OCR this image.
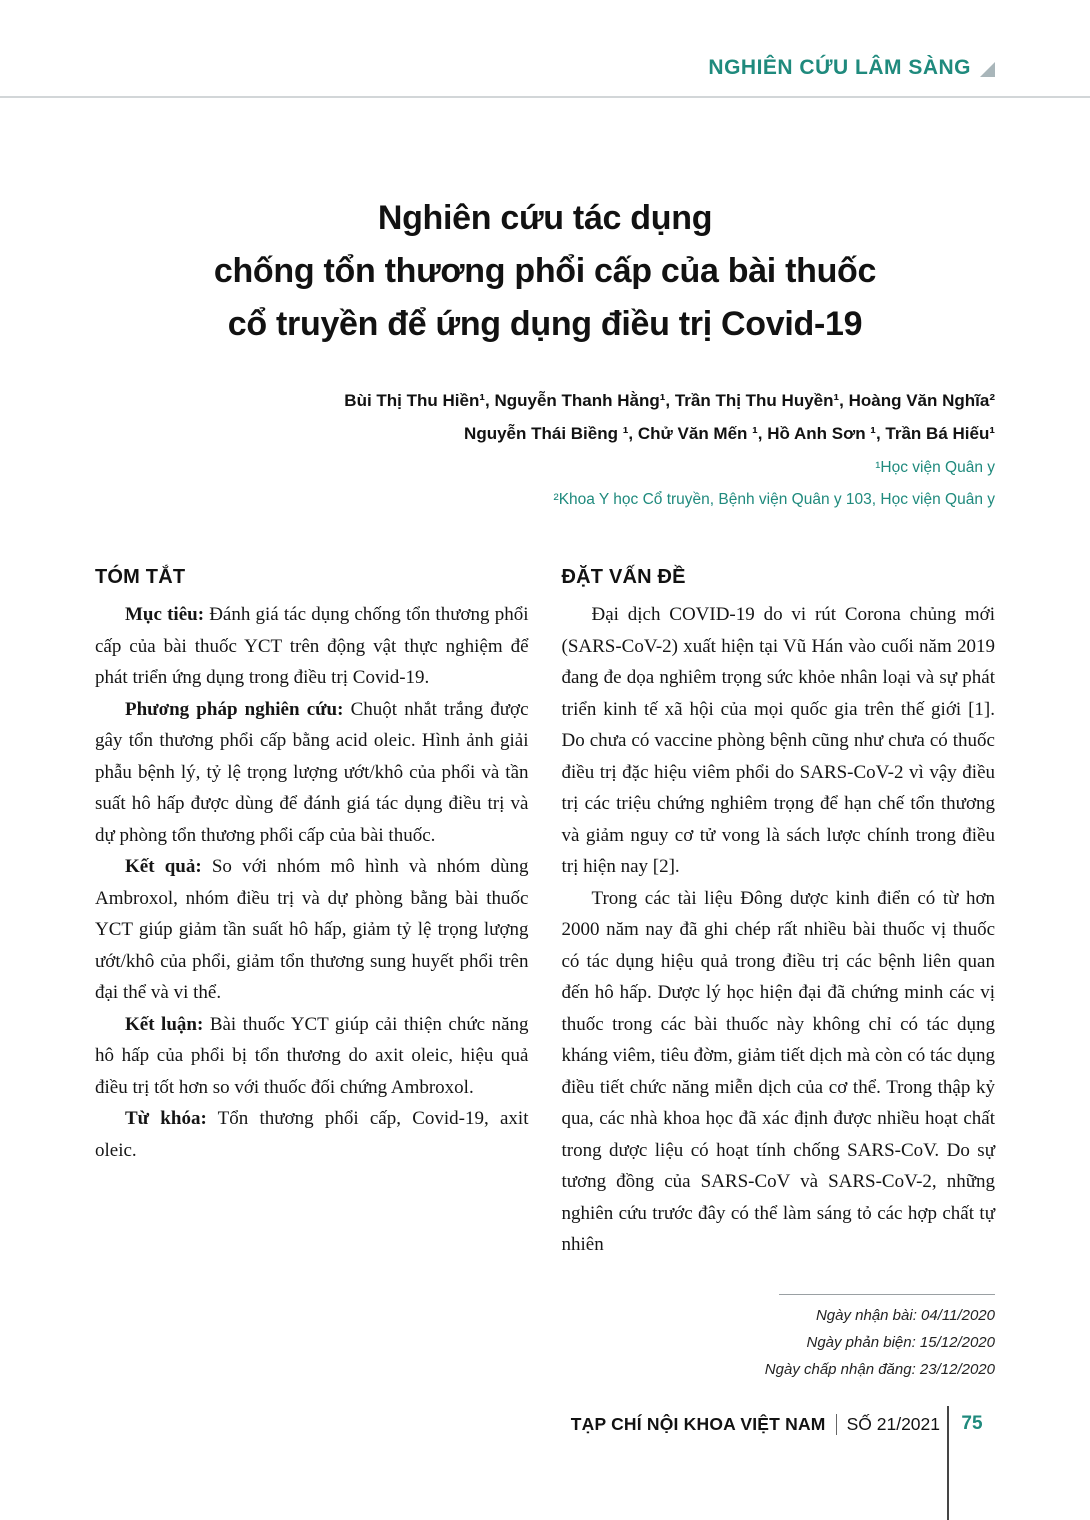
NGHIÊN CỨU LÂM SÀNG
Nghiên cứu tác dụng
chống tổn thương phổi cấp của bài thuốc
cổ truyền để ứng dụng điều trị Covid-19
Bùi Thị Thu Hiền¹, Nguyễn Thanh Hằng¹, Trần Thị Thu Huyền¹, Hoàng Văn Nghĩa²
Nguyễn Thái Biềng ¹, Chử Văn Mến ¹, Hồ Anh Sơn ¹, Trần Bá Hiếu¹
¹Học viện Quân y
²Khoa Y học Cổ truyền, Bệnh viện Quân y 103, Học viện Quân y
TÓM TẮT

Mục tiêu: Đánh giá tác dụng chống tổn thương phổi cấp của bài thuốc YCT trên động vật thực nghiệm để phát triển ứng dụng trong điều trị Covid-19.

Phương pháp nghiên cứu: Chuột nhắt trắng được gây tổn thương phổi cấp bằng acid oleic. Hình ảnh giải phẫu bệnh lý, tỷ lệ trọng lượng ướt/khô của phổi và tần suất hô hấp được dùng để đánh giá tác dụng điều trị và dự phòng tổn thương phổi cấp của bài thuốc.

Kết quả: So với nhóm mô hình và nhóm dùng Ambroxol, nhóm điều trị và dự phòng bằng bài thuốc YCT giúp giảm tần suất hô hấp, giảm tỷ lệ trọng lượng ướt/khô của phổi, giảm tổn thương sung huyết phổi trên đại thể và vi thể.

Kết luận: Bài thuốc YCT giúp cải thiện chức năng hô hấp của phổi bị tổn thương do axit oleic, hiệu quả điều trị tốt hơn so với thuốc đối chứng Ambroxol.

Từ khóa: Tổn thương phổi cấp, Covid-19, axit oleic.

ĐẶT VẤN ĐỀ

Đại dịch COVID-19 do vi rút Corona chủng mới (SARS-CoV-2) xuất hiện tại Vũ Hán vào cuối năm 2019 đang đe dọa nghiêm trọng sức khỏe nhân loại và sự phát triển kinh tế xã hội của mọi quốc gia trên thế giới [1]. Do chưa có vaccine phòng bệnh cũng như chưa có thuốc điều trị đặc hiệu viêm phổi do SARS-CoV-2 vì vậy điều trị các triệu chứng nghiêm trọng để hạn chế tổn thương và giảm nguy cơ tử vong là sách lược chính trong điều trị hiện nay [2].

Trong các tài liệu Đông dược kinh điển có từ hơn 2000 năm nay đã ghi chép rất nhiều bài thuốc vị thuốc có tác dụng hiệu quả trong điều trị các bệnh liên quan đến hô hấp. Dược lý học hiện đại đã chứng minh các vị thuốc trong các bài thuốc này không chỉ có tác dụng kháng viêm, tiêu đờm, giảm tiết dịch mà còn có tác dụng điều tiết chức năng miễn dịch của cơ thể. Trong thập kỷ qua, các nhà khoa học đã xác định được nhiều hoạt chất trong dược liệu có hoạt tính chống SARS-CoV. Do sự tương đồng của SARS-CoV và SARS-CoV-2, những nghiên cứu trước đây có thể làm sáng tỏ các hợp chất tự nhiên

Ngày nhận bài: 04/11/2020
Ngày phản biện: 15/12/2020
Ngày chấp nhận đăng: 23/12/2020
TẠP CHÍ NỘI KHOA VIỆT NAM	SỐ 21/2021	75
